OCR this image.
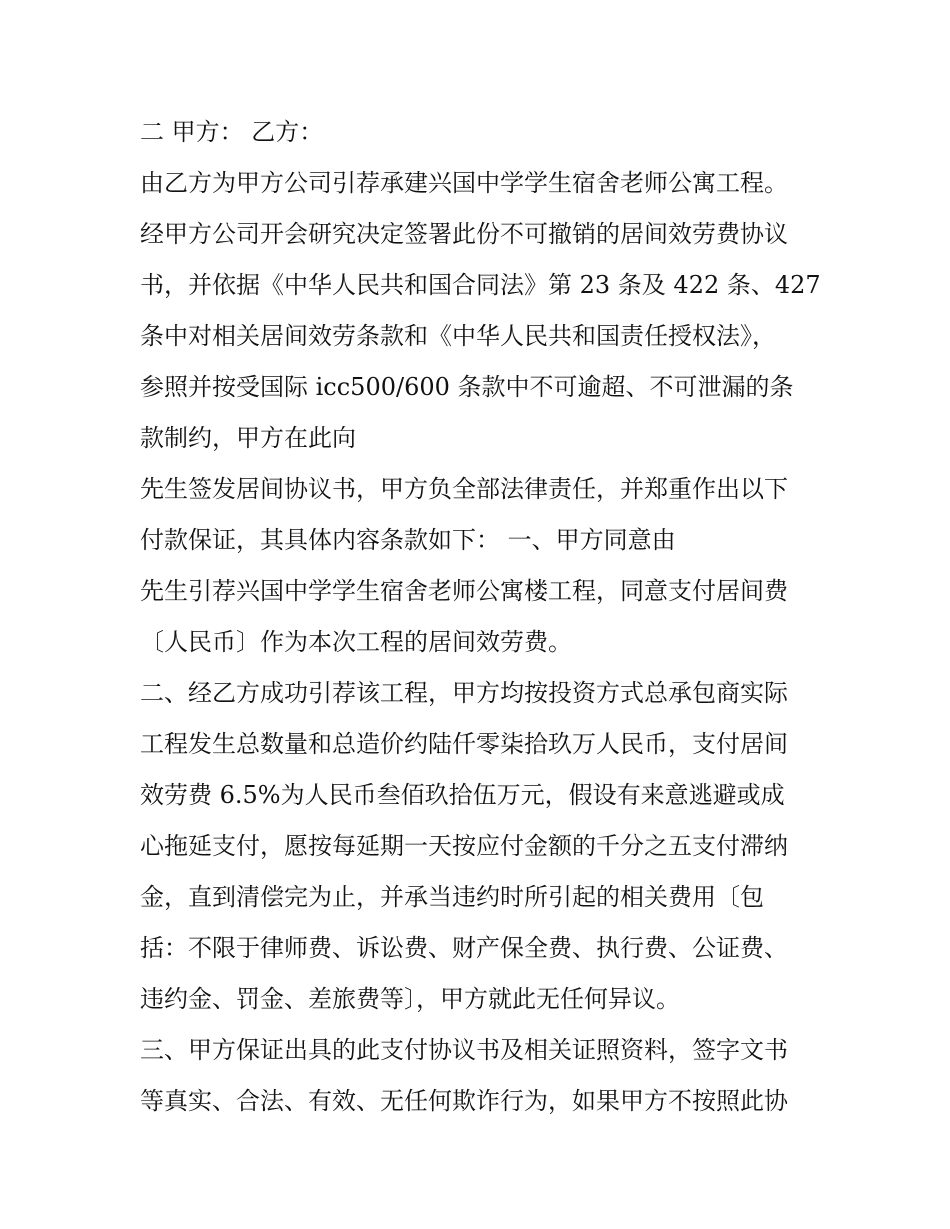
二 甲方： 乙方：
由乙方为甲方公司引荐承建兴国中学学生宿舍老师公寓工程。
经甲方公司开会研究决定签署此份不可撤销的居间效劳费协议
书，并依据《中华人民共和国合同法》第 23 条及 422 条、427
条中对相关居间效劳条款和《中华人民共和国责任授权法》，
参照并按受国际 icc500/600 条款中不可逾超、不可泄漏的条
款制约，甲方在此向
先生签发居间协议书，甲方负全部法律责任，并郑重作出以下
付款保证，其具体内容条款如下： 一、甲方同意由
先生引荐兴国中学学生宿舍老师公寓楼工程，同意支付居间费
〔人民币〕作为本次工程的居间效劳费。
二、经乙方成功引荐该工程，甲方均按投资方式总承包商实际
工程发生总数量和总造价约陆仟零柒拾玖万人民币，支付居间
效劳费 6.5%为人民币叁佰玖拾伍万元，假设有来意逃避或成
心拖延支付，愿按每延期一天按应付金额的千分之五支付滞纳
金，直到清偿完为止，并承当违约时所引起的相关费用〔包
括：不限于律师费、诉讼费、财产保全费、执行费、公证费、
违约金、罚金、差旅费等〕，甲方就此无任何异议。
三、甲方保证出具的此支付协议书及相关证照资料，签字文书
等真实、合法、有效、无任何欺诈行为，如果甲方不按照此协
